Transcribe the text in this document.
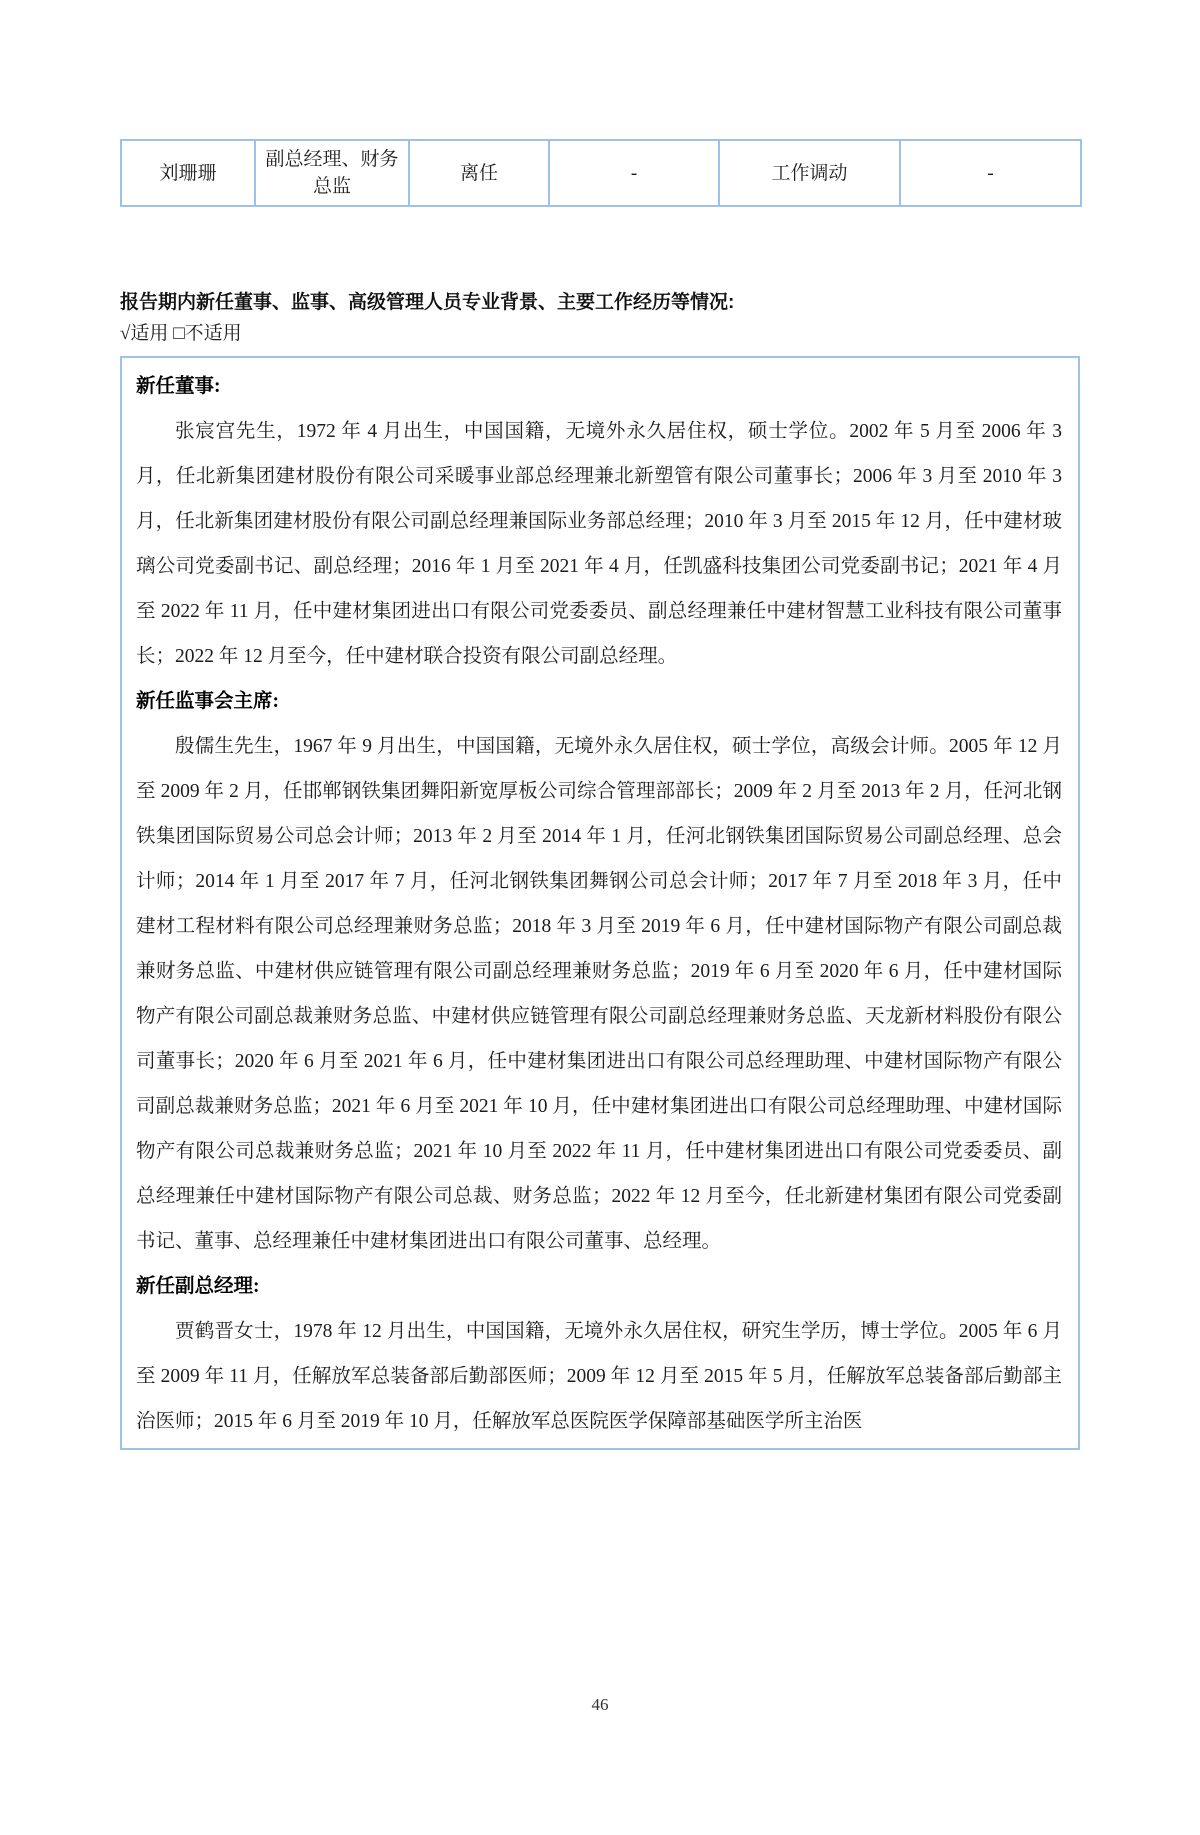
刘珊珊	副总经理、财务总监	离任	-	工作调动	-
报告期内新任董事、监事、高级管理人员专业背景、主要工作经历等情况:
√适用 □不适用
新任董事:

张宸宫先生，1972 年 4 月出生，中国国籍，无境外永久居住权，硕士学位。2002 年 5 月至 2006 年 3 月，任北新集团建材股份有限公司采暖事业部总经理兼北新塑管有限公司董事长；2006 年 3 月至 2010 年 3 月，任北新集团建材股份有限公司副总经理兼国际业务部总经理；2010 年 3 月至 2015 年 12 月，任中建材玻璃公司党委副书记、副总经理；2016 年 1 月至 2021 年 4 月，任凯盛科技集团公司党委副书记；2021 年 4 月至 2022 年 11 月，任中建材集团进出口有限公司党委委员、副总经理兼任中建材智慧工业科技有限公司董事长；2022 年 12 月至今，任中建材联合投资有限公司副总经理。

新任监事会主席:

殷儒生先生，1967 年 9 月出生，中国国籍，无境外永久居住权，硕士学位，高级会计师。2005 年 12 月至 2009 年 2 月，任邯郸钢铁集团舞阳新宽厚板公司综合管理部部长；2009 年 2 月至 2013 年 2 月，任河北钢铁集团国际贸易公司总会计师；2013 年 2 月至 2014 年 1 月，任河北钢铁集团国际贸易公司副总经理、总会计师；2014 年 1 月至 2017 年 7 月，任河北钢铁集团舞钢公司总会计师；2017 年 7 月至 2018 年 3 月，任中建材工程材料有限公司总经理兼财务总监；2018 年 3 月至 2019 年 6 月，任中建材国际物产有限公司副总裁兼财务总监、中建材供应链管理有限公司副总经理兼财务总监；2019 年 6 月至 2020 年 6 月，任中建材国际物产有限公司副总裁兼财务总监、中建材供应链管理有限公司副总经理兼财务总监、天龙新材料股份有限公司董事长；2020 年 6 月至 2021 年 6 月，任中建材集团进出口有限公司总经理助理、中建材国际物产有限公司副总裁兼财务总监；2021 年 6 月至 2021 年 10 月，任中建材集团进出口有限公司总经理助理、中建材国际物产有限公司总裁兼财务总监；2021 年 10 月至 2022 年 11 月，任中建材集团进出口有限公司党委委员、副总经理兼任中建材国际物产有限公司总裁、财务总监；2022 年 12 月至今，任北新建材集团有限公司党委副书记、董事、总经理兼任中建材集团进出口有限公司董事、总经理。

新任副总经理:

贾鹤晋女士，1978 年 12 月出生，中国国籍，无境外永久居住权，研究生学历，博士学位。2005 年 6 月至 2009 年 11 月，任解放军总装备部后勤部医师；2009 年 12 月至 2015 年 5 月，任解放军总装备部后勤部主治医师；2015 年 6 月至 2019 年 10 月，任解放军总医院医学保障部基础医学所主治医

46
